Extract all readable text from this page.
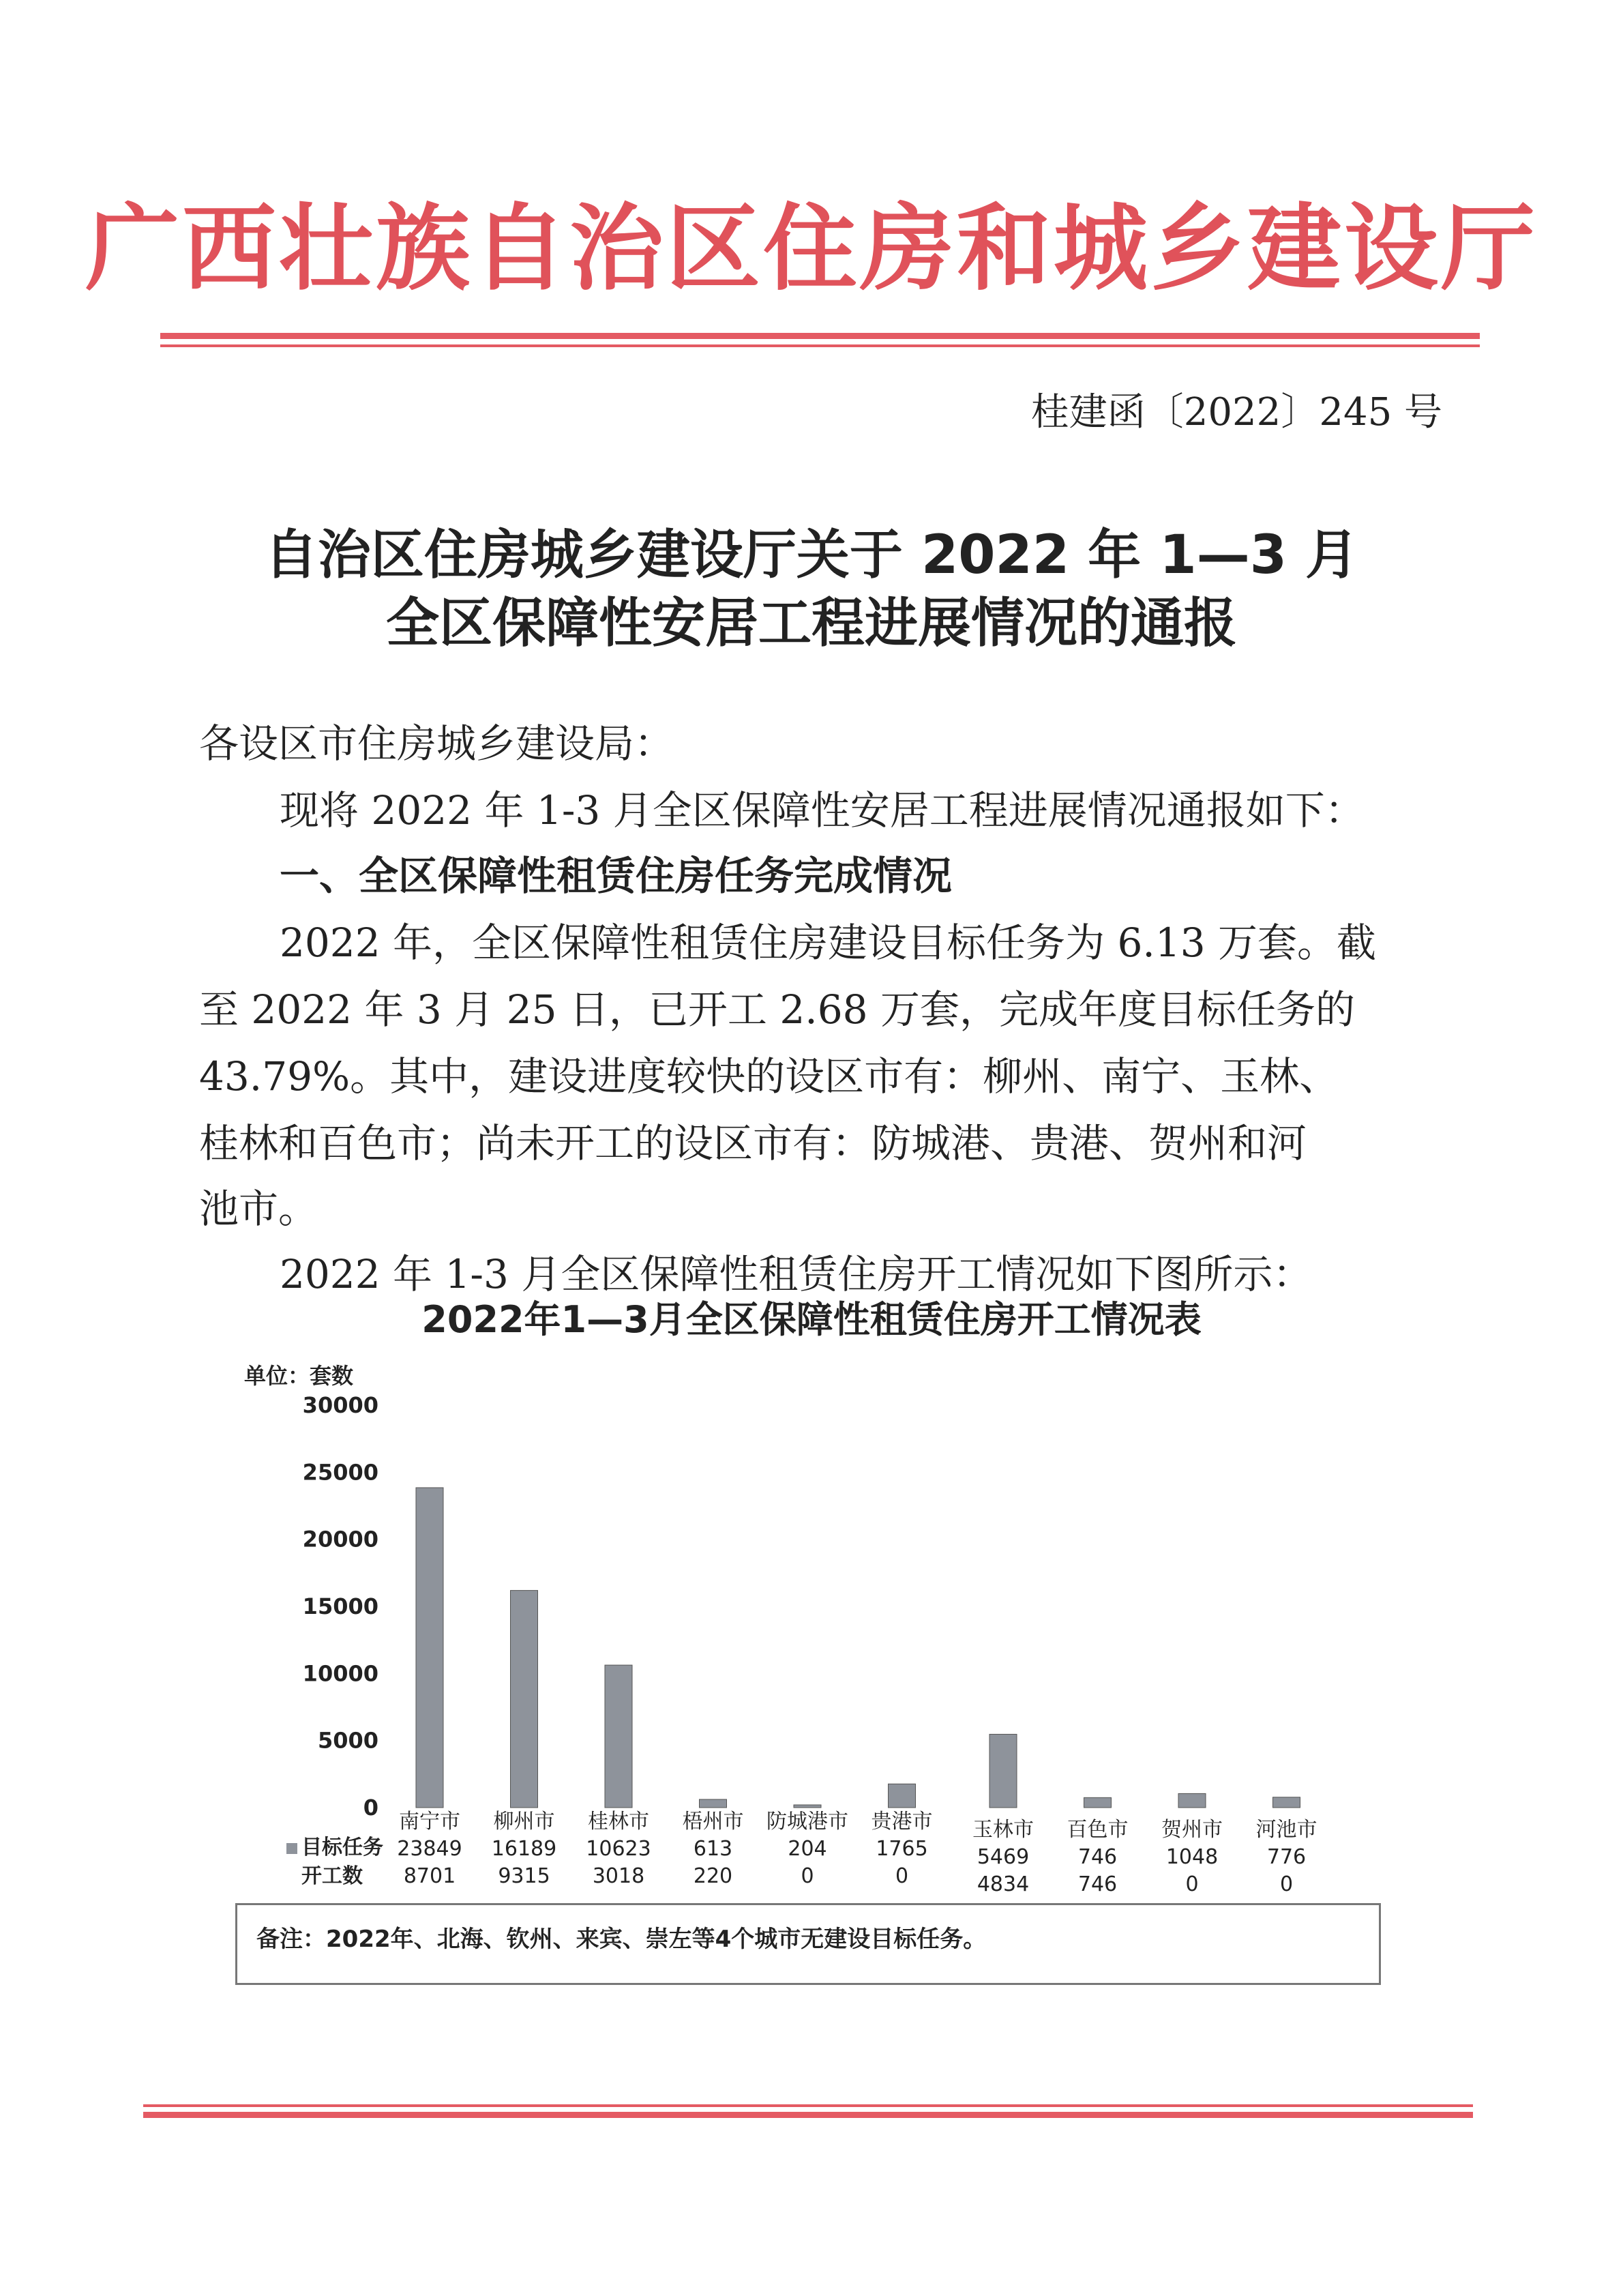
广西壮族自治区住房和城乡建设厅
桂建函〔2022〕245 号
自治区住房城乡建设厅关于 2022 年 1—3 月
全区保障性安居工程进展情况的通报
各设区市住房城乡建设局：
现将 2022 年 1-3 月全区保障性安居工程进展情况通报如下：
一、全区保障性租赁住房任务完成情况
2022 年，全区保障性租赁住房建设目标任务为 6.13 万套。截
至 2022 年 3 月 25 日，已开工 2.68 万套，完成年度目标任务的
43.79%。其中，建设进度较快的设区市有：柳州、南宁、玉林、
桂林和百色市；尚未开工的设区市有：防城港、贵港、贺州和河
池市。
2022 年 1-3 月全区保障性租赁住房开工情况如下图所示：
2022年1—3月全区保障性租赁住房开工情况表
单位：套数
30000
25000
20000
15000
10000
5000
0
目标任务
开工数
南宁市
23849
8701
柳州市
16189
9315
桂林市
10623
3018
梧州市
613
220
防城港市
204
0
贵港市
1765
0
玉林市
5469
4834
百色市
746
746
贺州市
1048
0
河池市
776
0
备注：2022年、北海、钦州、来宾、崇左等4个城市无建设目标任务。
